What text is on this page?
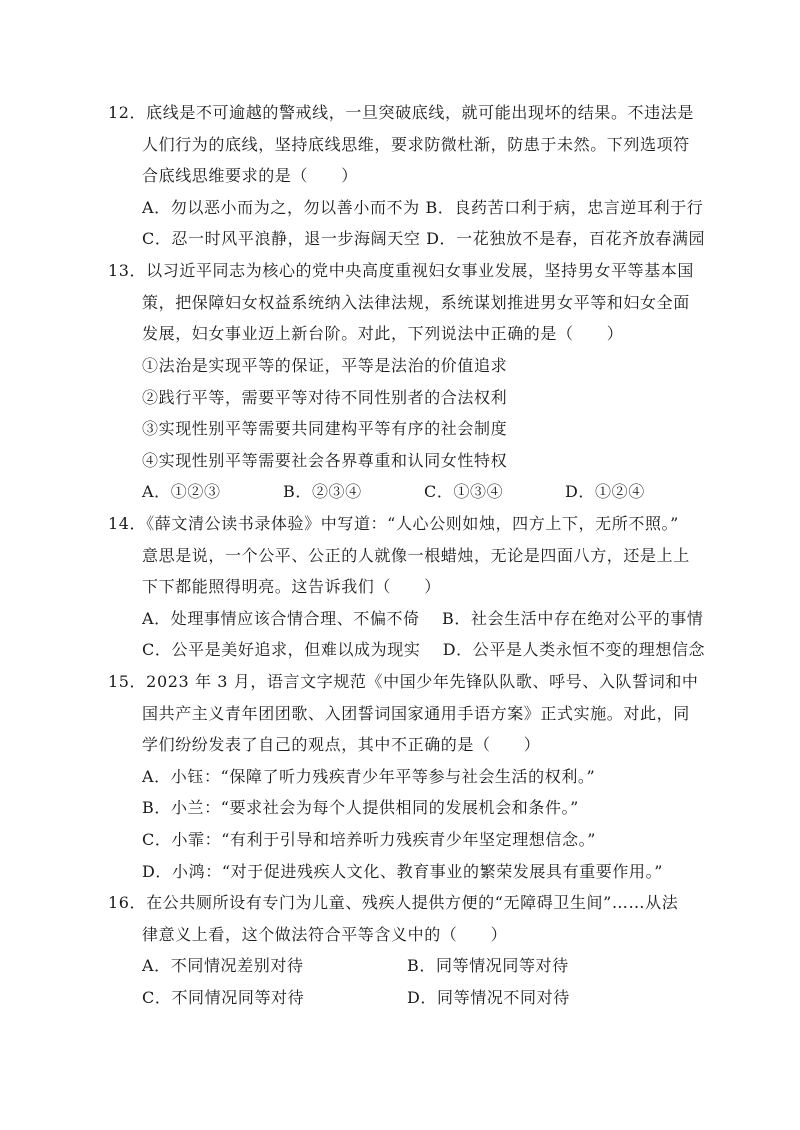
12．底线是不可逾越的警戒线，一旦突破底线，就可能出现坏的结果。不违法是
人们行为的底线，坚持底线思维，要求防微杜渐，防患于未然。下列选项符
合底线思维要求的是（　　）
A．勿以恶小而为之，勿以善小而不为 B．良药苦口利于病，忠言逆耳利于行
C．忍一时风平浪静，退一步海阔天空 D．一花独放不是春，百花齐放春满园
13．以习近平同志为核心的党中央高度重视妇女事业发展，坚持男女平等基本国
策，把保障妇女权益系统纳入法律法规，系统谋划推进男女平等和妇女全面
发展，妇女事业迈上新台阶。对此，下列说法中正确的是（　　）
①法治是实现平等的保证，平等是法治的价值追求
②践行平等，需要平等对待不同性别者的合法权利
③实现性别平等需要共同建构平等有序的社会制度
④实现性别平等需要社会各界尊重和认同女性特权
A．①②③	B．②③④	C．①③④	D．①②④
14．《薛文清公读书录体验》中写道：“人心公则如烛，四方上下，无所不照。”
意思是说，一个公平、公正的人就像一根蜡烛，无论是四面八方，还是上上
下下都能照得明亮。这告诉我们（　　）
A．处理事情应该合情合理、不偏不倚　 B．社会生活中存在绝对公平的事情
C．公平是美好追求，但难以成为现实　 D．公平是人类永恒不变的理想信念
15．2023 年 3 月，语言文字规范《中国少年先锋队队歌、呼号、入队誓词和中
国共产主义青年团团歌、入团誓词国家通用手语方案》正式实施。对此，同
学们纷纷发表了自己的观点，其中不正确的是（　　）
A．小钰：“保障了听力残疾青少年平等参与社会生活的权利。”
B．小兰：“要求社会为每个人提供相同的发展机会和条件。”
C．小霏：“有利于引导和培养听力残疾青少年坚定理想信念。”
D．小鸿：“对于促进残疾人文化、教育事业的繁荣发展具有重要作用。”
16．在公共厕所设有专门为儿童、残疾人提供方便的“无障碍卫生间”……从法
律意义上看，这个做法符合平等含义中的（　　）
A．不同情况差别对待	B．同等情况同等对待
C．不同情况同等对待	D．同等情况不同对待
